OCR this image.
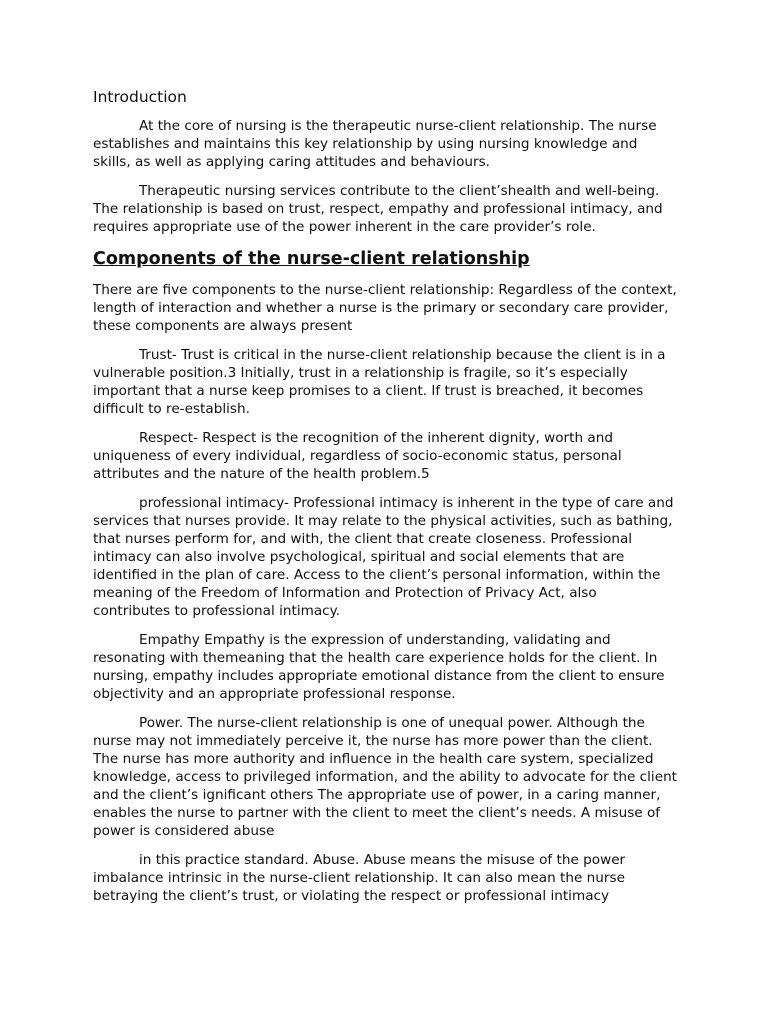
Introduction

At the core of nursing is the therapeutic nurse-client relationship. The nurse establishes and maintains this key relationship by using nursing knowledge and skills, as well as applying caring attitudes and behaviours.

Therapeutic nursing services contribute to the client’shealth and well-being. The relationship is based on trust, respect, empathy and professional intimacy, and requires appropriate use of the power inherent in the care provider’s role.

Components of the nurse-client relationship

There are five components to the nurse-client relationship: Regardless of the context, length of interaction and whether a nurse is the primary or secondary care provider, these components are always present

Trust- Trust is critical in the nurse-client relationship because the client is in a vulnerable position.3 Initially, trust in a relationship is fragile, so it’s especially important that a nurse keep promises to a client. If trust is breached, it becomes difficult to re-establish.

Respect- Respect is the recognition of the inherent dignity, worth and uniqueness of every individual, regardless of socio-economic status, personal attributes and the nature of the health problem.5

professional intimacy- Professional intimacy is inherent in the type of care and services that nurses provide. It may relate to the physical activities, such as bathing, that nurses perform for, and with, the client that create closeness. Professional intimacy can also involve psychological, spiritual and social elements that are identified in the plan of care. Access to the client’s personal information, within the meaning of the Freedom of Information and Protection of Privacy Act, also contributes to professional intimacy.

Empathy Empathy is the expression of understanding, validating and resonating with themeaning that the health care experience holds for the client. In nursing, empathy includes appropriate emotional distance from the client to ensure objectivity and an appropriate professional response.

Power. The nurse-client relationship is one of unequal power. Although the nurse may not immediately perceive it, the nurse has more power than the client. The nurse has more authority and influence in the health care system, specialized knowledge, access to privileged information, and the ability to advocate for the client and the client’s ignificant others The appropriate use of power, in a caring manner, enables the nurse to partner with the client to meet the client’s needs. A misuse of power is considered abuse

in this practice standard. Abuse. Abuse means the misuse of the power imbalance intrinsic in the nurse-client relationship. It can also mean the nurse betraying the client’s trust, or violating the respect or professional intimacy
